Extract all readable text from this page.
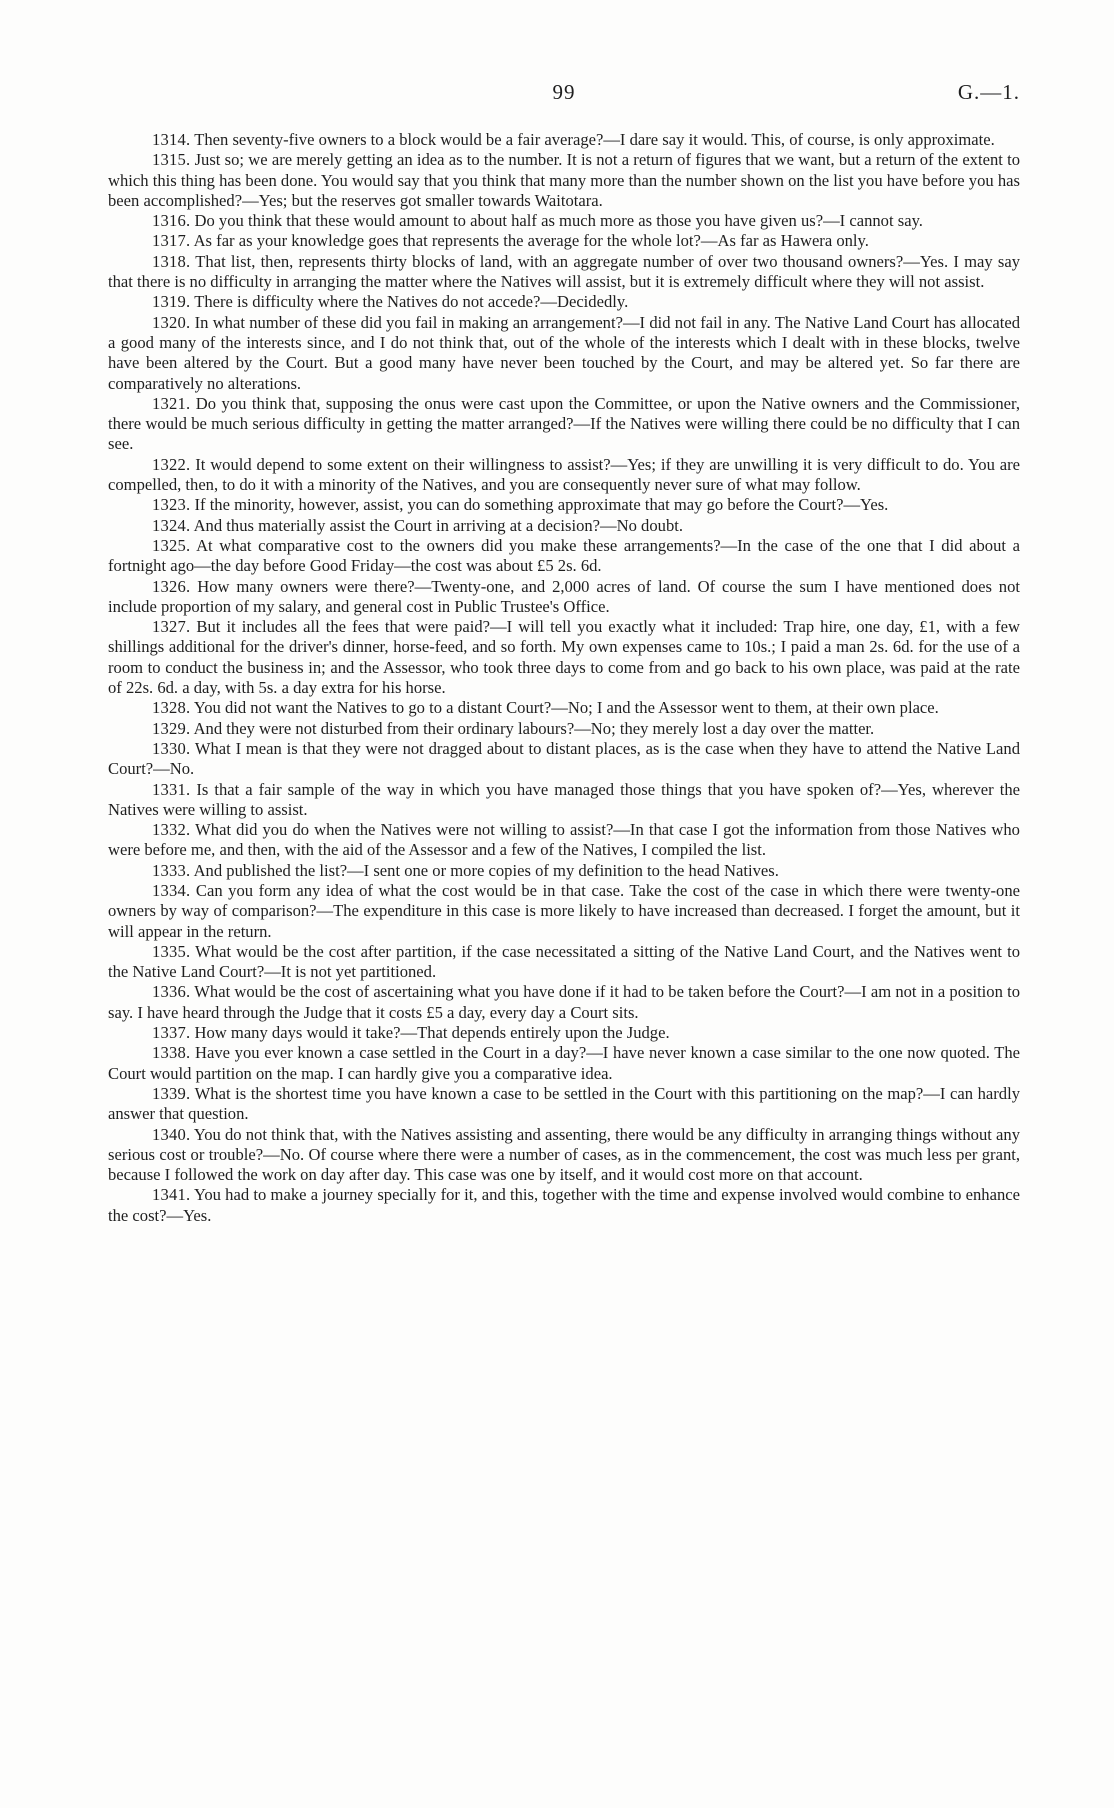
99	G.—1.

1314. Then seventy-five owners to a block would be a fair average?—I dare say it would. This, of course, is only approximate.

1315. Just so; we are merely getting an idea as to the number. It is not a return of figures that we want, but a return of the extent to which this thing has been done. You would say that you think that many more than the number shown on the list you have before you has been accomplished?—Yes; but the reserves got smaller towards Waitotara.

1316. Do you think that these would amount to about half as much more as those you have given us?—I cannot say.

1317. As far as your knowledge goes that represents the average for the whole lot?—As far as Hawera only.

1318. That list, then, represents thirty blocks of land, with an aggregate number of over two thousand owners?—Yes. I may say that there is no difficulty in arranging the matter where the Natives will assist, but it is extremely difficult where they will not assist.

1319. There is difficulty where the Natives do not accede?—Decidedly.

1320. In what number of these did you fail in making an arrangement?—I did not fail in any. The Native Land Court has allocated a good many of the interests since, and I do not think that, out of the whole of the interests which I dealt with in these blocks, twelve have been altered by the Court. But a good many have never been touched by the Court, and may be altered yet. So far there are comparatively no alterations.

1321. Do you think that, supposing the onus were cast upon the Committee, or upon the Native owners and the Commissioner, there would be much serious difficulty in getting the matter arranged?—If the Natives were willing there could be no difficulty that I can see.

1322. It would depend to some extent on their willingness to assist?—Yes; if they are unwilling it is very difficult to do. You are compelled, then, to do it with a minority of the Natives, and you are consequently never sure of what may follow.

1323. If the minority, however, assist, you can do something approximate that may go before the Court?—Yes.

1324. And thus materially assist the Court in arriving at a decision?—No doubt.

1325. At what comparative cost to the owners did you make these arrangements?—In the case of the one that I did about a fortnight ago—the day before Good Friday—the cost was about £5 2s. 6d.

1326. How many owners were there?—Twenty-one, and 2,000 acres of land. Of course the sum I have mentioned does not include proportion of my salary, and general cost in Public Trustee's Office.

1327. But it includes all the fees that were paid?—I will tell you exactly what it included: Trap hire, one day, £1, with a few shillings additional for the driver's dinner, horse-feed, and so forth. My own expenses came to 10s.; I paid a man 2s. 6d. for the use of a room to conduct the business in; and the Assessor, who took three days to come from and go back to his own place, was paid at the rate of 22s. 6d. a day, with 5s. a day extra for his horse.

1328. You did not want the Natives to go to a distant Court?—No; I and the Assessor went to them, at their own place.

1329. And they were not disturbed from their ordinary labours?—No; they merely lost a day over the matter.

1330. What I mean is that they were not dragged about to distant places, as is the case when they have to attend the Native Land Court?—No.

1331. Is that a fair sample of the way in which you have managed those things that you have spoken of?—Yes, wherever the Natives were willing to assist.

1332. What did you do when the Natives were not willing to assist?—In that case I got the information from those Natives who were before me, and then, with the aid of the Assessor and a few of the Natives, I compiled the list.

1333. And published the list?—I sent one or more copies of my definition to the head Natives.

1334. Can you form any idea of what the cost would be in that case. Take the cost of the case in which there were twenty-one owners by way of comparison?—The expenditure in this case is more likely to have increased than decreased. I forget the amount, but it will appear in the return.

1335. What would be the cost after partition, if the case necessitated a sitting of the Native Land Court, and the Natives went to the Native Land Court?—It is not yet partitioned.

1336. What would be the cost of ascertaining what you have done if it had to be taken before the Court?—I am not in a position to say. I have heard through the Judge that it costs £5 a day, every day a Court sits.

1337. How many days would it take?—That depends entirely upon the Judge.

1338. Have you ever known a case settled in the Court in a day?—I have never known a case similar to the one now quoted. The Court would partition on the map. I can hardly give you a comparative idea.

1339. What is the shortest time you have known a case to be settled in the Court with this partitioning on the map?—I can hardly answer that question.

1340. You do not think that, with the Natives assisting and assenting, there would be any difficulty in arranging things without any serious cost or trouble?—No. Of course where there were a number of cases, as in the commencement, the cost was much less per grant, because I followed the work on day after day. This case was one by itself, and it would cost more on that account.

1341. You had to make a journey specially for it, and this, together with the time and expense involved would combine to enhance the cost?—Yes.
